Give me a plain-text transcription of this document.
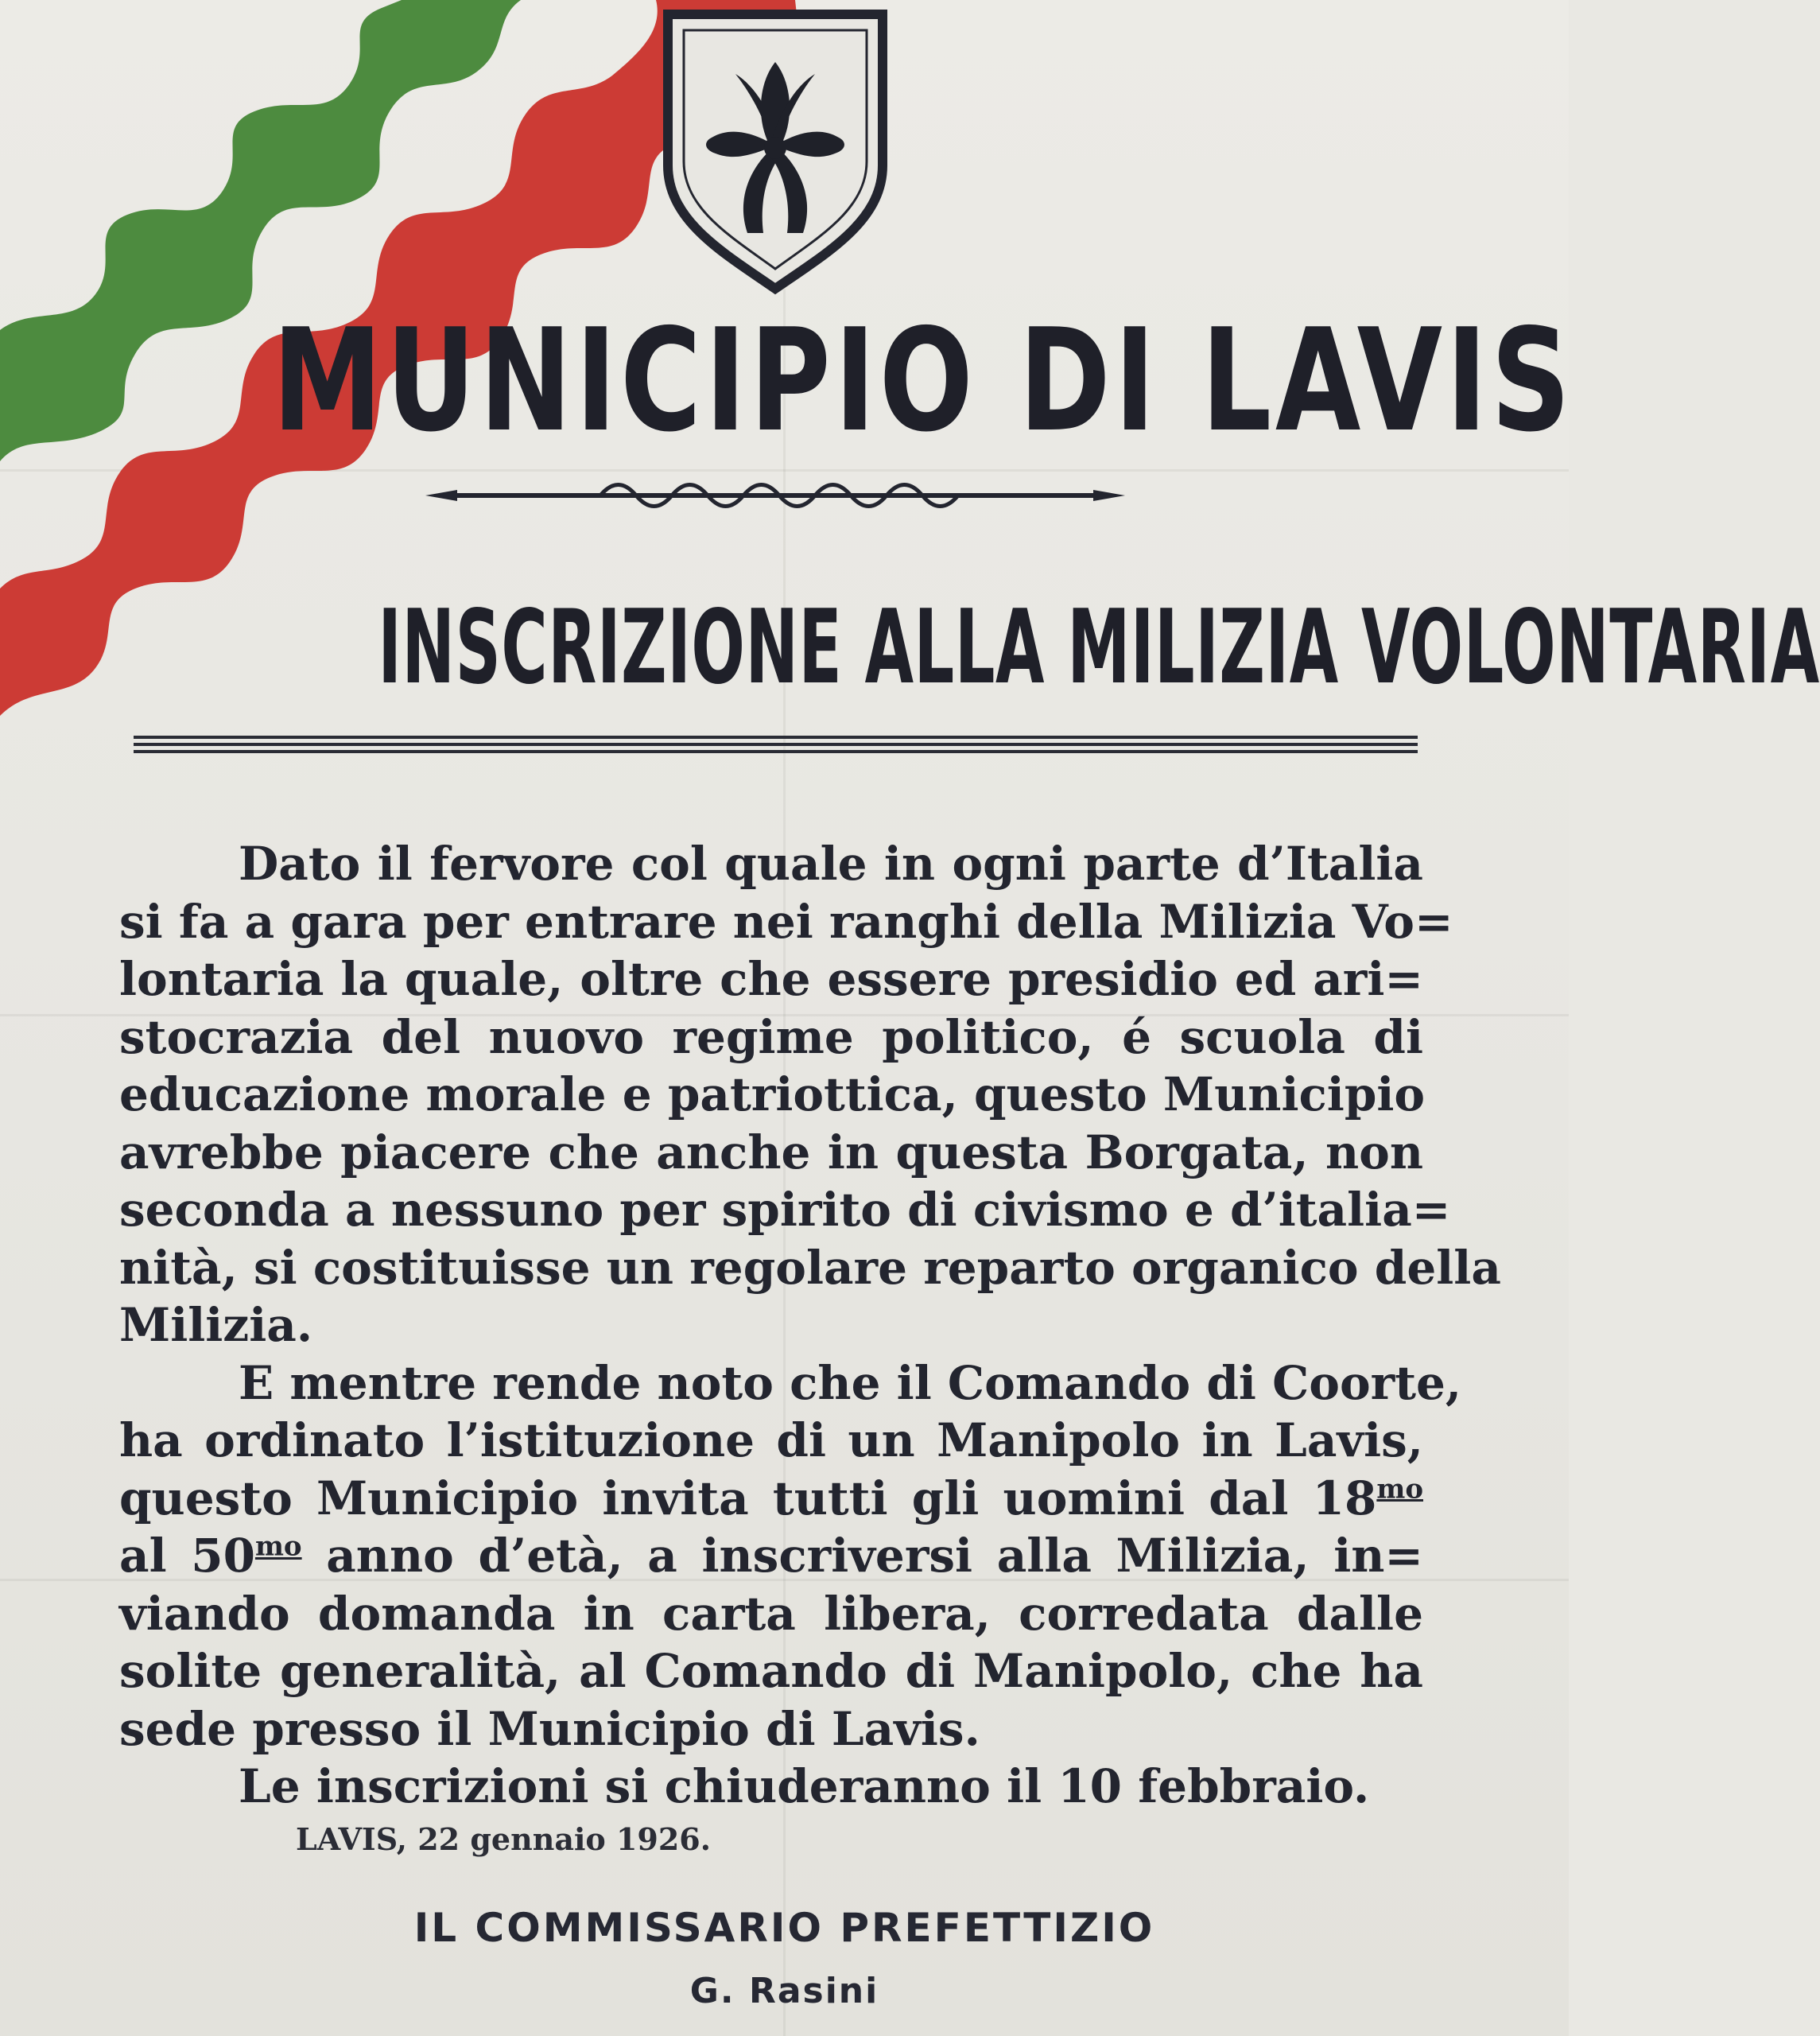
MUNICIPIO DI LAVIS
INSCRIZIONE ALLA MILIZIA VOLONTARIA
Dato il fervore col quale in ogni parte d’Italia
si fa a gara per entrare nei ranghi della Milizia Vo=
lontaria la quale, oltre che essere presidio ed ari=
stocrazia del nuovo regime politico, é scuola di
educazione morale e patriottica, questo Municipio
avrebbe piacere che anche in questa Borgata, non
seconda a nessuno per spirito di civismo e d’italia=
nità, si costituisse un regolare reparto organico della
Milizia.
E mentre rende noto che il Comando di Coorte,
ha ordinato l’istituzione di un Manipolo in Lavis,
questo Municipio invita tutti gli uomini dal $18^{mo}$
al $50^{mo}$ anno d’età, a inscriversi alla Milizia, in=
viando domanda in carta libera, corredata dalle
solite generalità, al Comando di Manipolo, che ha
sede presso il Municipio di Lavis.
Le inscrizioni si chiuderanno il 10 febbraio.
LAVIS, 22 gennaio 1926.
IL COMMISSARIO PREFETTIZIO
G. Rasini
